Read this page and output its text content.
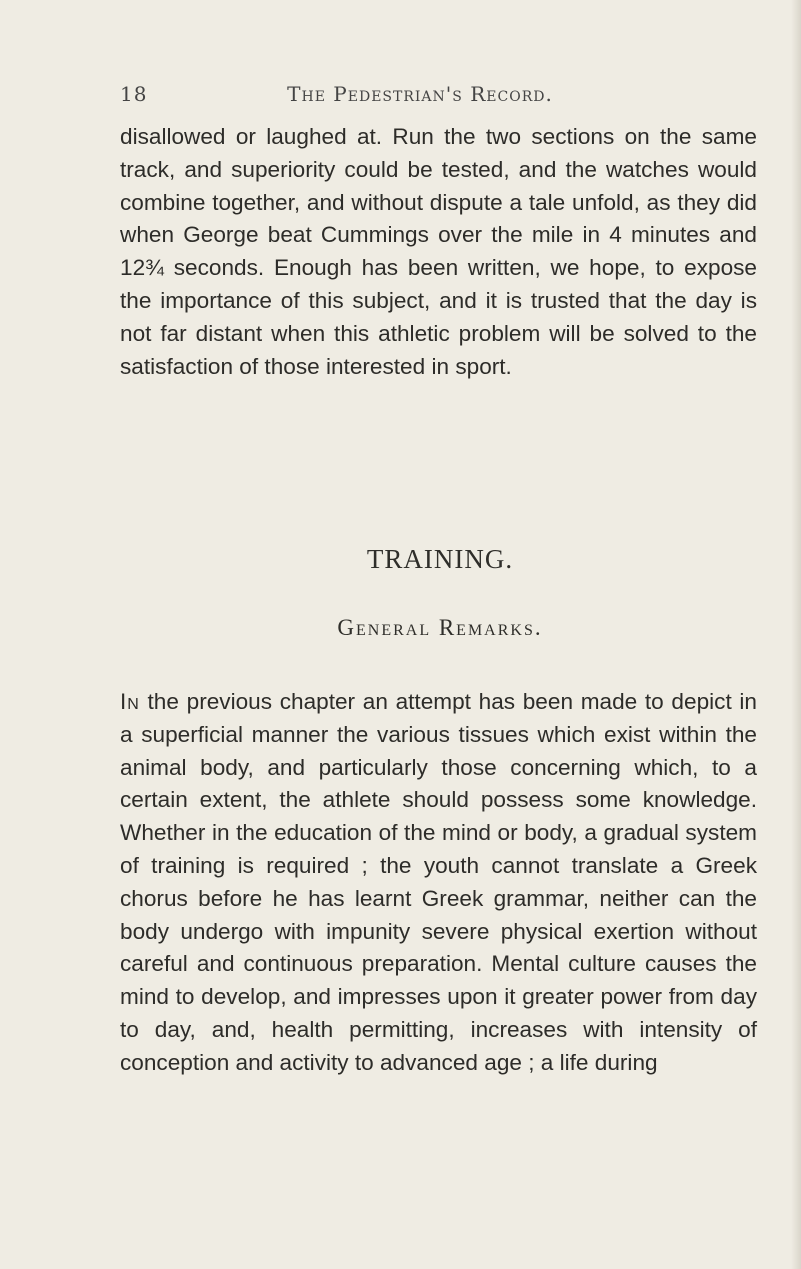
18	The Pedestrian's Record.

disallowed or laughed at. Run the two sections on the same track, and superiority could be tested, and the watches would combine together, and without dispute a tale unfold, as they did when George beat Cummings over the mile in 4 minutes and 12¾ seconds. Enough has been written, we hope, to expose the importance of this subject, and it is trusted that the day is not far distant when this athletic problem will be solved to the satisfaction of those interested in sport.

TRAINING.
General Remarks.

In the previous chapter an attempt has been made to depict in a superficial manner the various tissues which exist within the animal body, and particularly those concerning which, to a certain extent, the athlete should possess some knowledge. Whether in the education of the mind or body, a gradual system of training is required ; the youth cannot translate a Greek chorus before he has learnt Greek grammar, neither can the body undergo with impunity severe physical exertion without careful and continuous preparation. Mental culture causes the mind to develop, and impresses upon it greater power from day to day, and, health permitting, increases with intensity of conception and activity to advanced age ; a life during
